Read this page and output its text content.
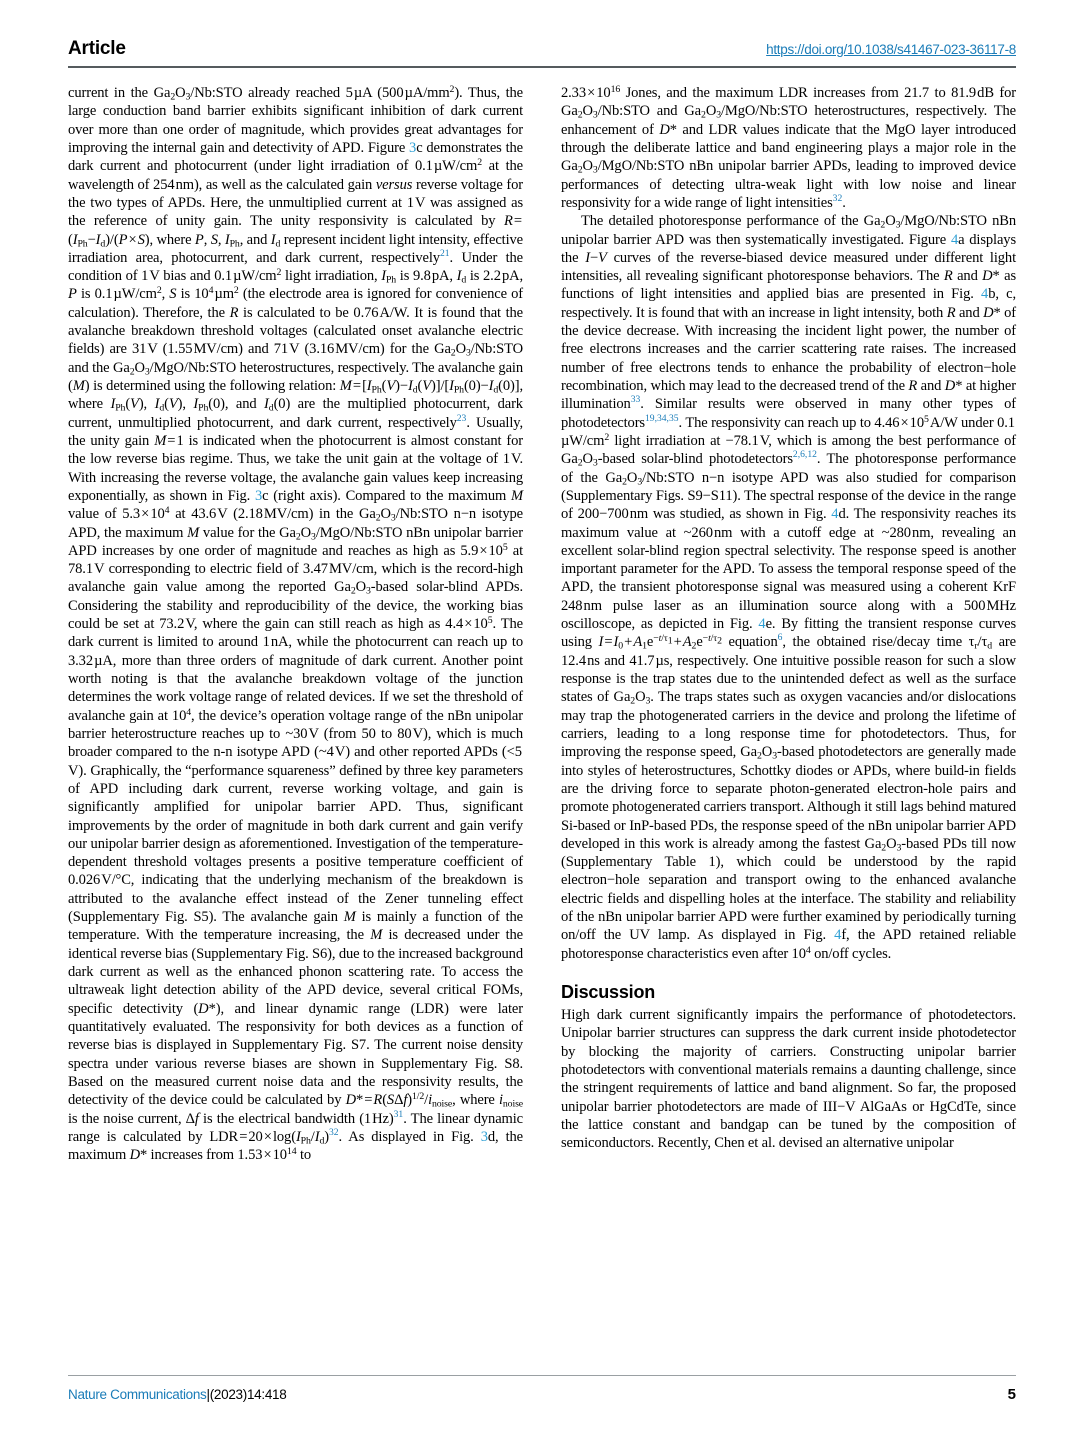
Article	https://doi.org/10.1038/s41467-023-36117-8

current in the $Ga_2O_3/Nb:STO$ already reached 5 µA (500 $\mu A/mm^2$). Thus, the large conduction band barrier exhibits significant inhibition of dark current over more than one order of magnitude, which provides great advantages for improving the internal gain and detectivity of APD. Figure 3c demonstrates the dark current and photocurrent (under light irradiation of 0.1 $\mu W/cm^2$ at the wavelength of 254 nm), as well as the calculated gain versus reverse voltage for the two types of APDs. Here, the unmultiplied current at 1 V was assigned as the reference of unity gain. The unity responsivity is calculated by R = $(I_{Ph}-I_d)/(P$ × S), where P, S, $I_{Ph}$, and $I_d$ represent incident light intensity, effective irradiation area, photocurrent, and dark current, respectively$^{21}$. Under the condition of 1 V bias and 0.1 $\mu W/cm^2$ light irradiation, $I_{Ph}$ is 9.8 pA, $I_d$ is 2.2 pA, P is 0.1 $\mu W/cm^2$, S is $10^4$ µm$^2$ (the electrode area is ignored for convenience of calculation). Therefore, the R is calculated to be 0.76 A/W. It is found that the avalanche breakdown threshold voltages (calculated onset avalanche electric fields) are 31 V (1.55 MV/cm) and 71 V (3.16 MV/cm) for the $Ga_2O_3/Nb:STO$ and the $Ga_2O_3/MgO/Nb:STO$ heterostructures, respectively. The avalanche gain (M) is determined using the following relation: M = $[I_{Ph}(V)-I_d(V)]/[I_{Ph}(0)-I_d(0)]$, where $I_{Ph}(V)$, $I_d(V)$, $I_{Ph}(0)$, and $I_d(0)$ are the multiplied photocurrent, dark current, unmultiplied photocurrent, and dark current, respectively$^{23}$. Usually, the unity gain M = 1 is indicated when the photocurrent is almost constant for the low reverse bias regime. Thus, we take the unit gain at the voltage of 1 V. With increasing the reverse voltage, the avalanche gain values keep increasing exponentially, as shown in Fig. 3c (right axis). Compared to the maximum M value of 5.3 × $10^4$ at 43.6 V (2.18 MV/cm) in the $Ga_2O_3/Nb:STO$ n−n isotype APD, the maximum M value for the $Ga_2O_3/MgO/Nb:STO$ nBn unipolar barrier APD increases by one order of magnitude and reaches as high as 5.9 × $10^5$ at 78.1 V corresponding to electric field of 3.47 MV/cm, which is the record-high avalanche gain value among the reported $Ga_2O_3$-based solar-blind APDs. Considering the stability and reproducibility of the device, the working bias could be set at 73.2 V, where the gain can still reach as high as 4.4 × $10^5$. The dark current is limited to around 1 nA, while the photocurrent can reach up to 3.32 µA, more than three orders of magnitude of dark current. Another point worth noting is that the avalanche breakdown voltage of the junction determines the work voltage range of related devices. If we set the threshold of avalanche gain at $10^4$, the device’s operation voltage range of the nBn unipolar barrier heterostructure reaches up to ~30 V (from 50 to 80 V), which is much broader compared to the n-n isotype APD (~4 V) and other reported APDs (<5 V). Graphically, the “performance squareness” defined by three key parameters of APD including dark current, reverse working voltage, and gain is significantly amplified for unipolar barrier APD. Thus, significant improvements by the order of magnitude in both dark current and gain verify our unipolar barrier design as aforementioned. Investigation of the temperature-dependent threshold voltages presents a positive temperature coefficient of 0.026 V/°C, indicating that the underlying mechanism of the breakdown is attributed to the avalanche effect instead of the Zener tunneling effect (Supplementary Fig. S5). The avalanche gain M is mainly a function of the temperature. With the temperature increasing, the M is decreased under the identical reverse bias (Supplementary Fig. S6), due to the increased background dark current as well as the enhanced phonon scattering rate. To access the ultraweak light detection ability of the APD device, several critical FOMs, specific detectivity (D*), and linear dynamic range (LDR) were later quantitatively evaluated. The responsivity for both devices as a function of reverse bias is displayed in Supplementary Fig. S7. The current noise density spectra under various reverse biases are shown in Supplementary Fig. S8. Based on the measured current noise data and the responsivity results, the detectivity of the device could be calculated by D* = $R(S\Delta f)^{1/2}/i_{noise}$, where $i_{noise}$ is the noise current, Δf is the electrical bandwidth (1 Hz)$^{31}$. The linear dynamic range is calculated by LDR = 20 × $\log(I_{Ph}/I_d)^{32}$. As displayed in Fig. 3d, the maximum D* increases from 1.53 × $10^{14}$ to

2.33 × $10^{16}$ Jones, and the maximum LDR increases from 21.7 to 81.9 dB for $Ga_2O_3/Nb:STO$ and $Ga_2O_3/MgO/Nb:STO$ heterostructures, respectively. The enhancement of D* and LDR values indicate that the MgO layer introduced through the deliberate lattice and band engineering plays a major role in the $Ga_2O_3/MgO/Nb:STO$ nBn unipolar barrier APDs, leading to improved device performances of detecting ultra-weak light with low noise and linear responsivity for a wide range of light intensities$^{32}$.

The detailed photoresponse performance of the $Ga_2O_3/MgO/Nb:STO$ nBn unipolar barrier APD was then systematically investigated. Figure 4a displays the I−V curves of the reverse-biased device measured under different light intensities, all revealing significant photoresponse behaviors. The R and D* as functions of light intensities and applied bias are presented in Fig. 4b, c, respectively. It is found that with an increase in light intensity, both R and D* of the device decrease. With increasing the incident light power, the number of free electrons increases and the carrier scattering rate raises. The increased number of free electrons tends to enhance the probability of electron−hole recombination, which may lead to the decreased trend of the R and D* at higher illumination$^{33}$. Similar results were observed in many other types of photodetectors$^{19,34,35}$. The responsivity can reach up to 4.46 × $10^5$ A/W under 0.1 $\mu W/cm^2$ light irradiation at −78.1 V, which is among the best performance of $Ga_2O_3$-based solar-blind photodetectors$^{2,6,12}$. The photoresponse performance of the $Ga_2O_3/Nb:STO$ n−n isotype APD was also studied for comparison (Supplementary Figs. S9−S11). The spectral response of the device in the range of 200−700 nm was studied, as shown in Fig. 4d. The responsivity reaches its maximum value at ~260 nm with a cutoff edge at ~280 nm, revealing an excellent solar-blind region spectral selectivity. The response speed is another important parameter for the APD. To assess the temporal response speed of the APD, the transient photoresponse signal was measured using a coherent KrF 248 nm pulse laser as an illumination source along with a 500 MHz oscilloscope, as depicted in Fig. 4e. By fitting the transient response curves using I = $I_0$ + $A_1e^{-t/\tau_1}$ + $A_2e^{-t/\tau_2}$ equation$^6$, the obtained rise/decay time $\tau_r/\tau_d$ are 12.4 ns and 41.7 µs, respectively. One intuitive possible reason for such a slow response is the trap states due to the unintended defect as well as the surface states of $Ga_2O_3$. The traps states such as oxygen vacancies and/or dislocations may trap the photogenerated carriers in the device and prolong the lifetime of carriers, leading to a long response time for photodetectors. Thus, for improving the response speed, $Ga_2O_3$-based photodetectors are generally made into styles of heterostructures, Schottky diodes or APDs, where build-in fields are the driving force to separate photon-generated electron-hole pairs and promote photogenerated carriers transport. Although it still lags behind matured Si-based or InP-based PDs, the response speed of the nBn unipolar barrier APD developed in this work is already among the fastest $Ga_2O_3$-based PDs till now (Supplementary Table 1), which could be understood by the rapid electron−hole separation and transport owing to the enhanced avalanche electric fields and dispelling holes at the interface. The stability and reliability of the nBn unipolar barrier APD were further examined by periodically turning on/off the UV lamp. As displayed in Fig. 4f, the APD retained reliable photoresponse characteristics even after $10^4$ on/off cycles.

Discussion

High dark current significantly impairs the performance of photodetectors. Unipolar barrier structures can suppress the dark current inside photodetector by blocking the majority of carriers. Constructing unipolar barrier photodetectors with conventional materials remains a daunting challenge, since the stringent requirements of lattice and band alignment. So far, the proposed unipolar barrier photodetectors are made of III−V AlGaAs or HgCdTe, since the lattice constant and bandgap can be tuned by the composition of semiconductors. Recently, Chen et al. devised an alternative unipolar

Nature Communications|(2023)14:418	5
